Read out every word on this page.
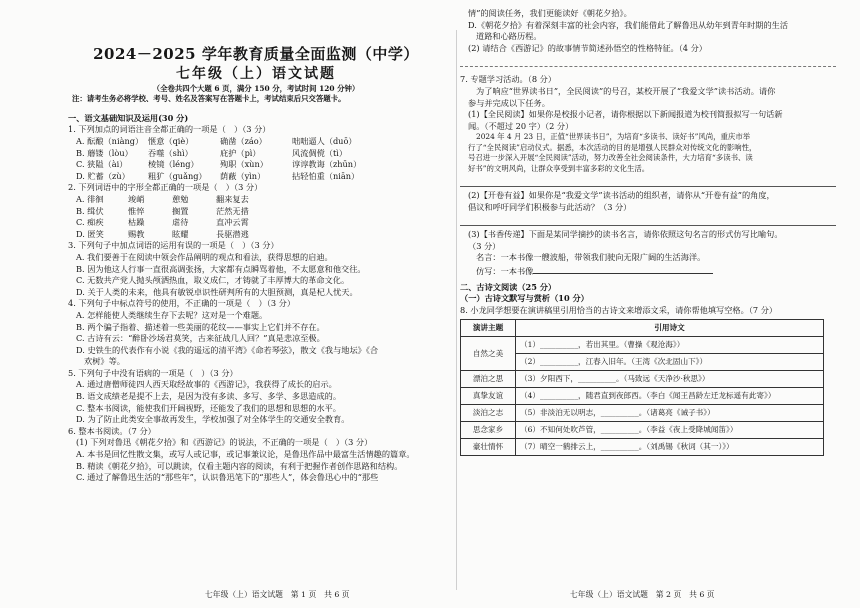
2024－2025 学年教育质量全面监测（中学）
七年级（上）语文试题
（全卷共四个大题 6 页，满分 150 分，考试时间 120 分钟）
注：请考生务必将学校、考号、姓名及答案写在答题卡上，考试结束后只交答题卡。
一、语文基础知识及运用(30 分)
1. 下列加点的词语注音全都正确的一项是（　）（3 分）
A. 酝酿（niàng） 惬意（qiè）	确凿（záo）	咄咄逼人（duō）
B. 蘑镂（lòu）	吞噬（shì）	庇护（pì）	风流倜傥（tì）
C. 狭隘（ài）	棱镜（léng）	殉职（xùn）	谆谆教诲（zhūn）
D. 贮蓄（zù）	粗犷（guǎng）	荫蔽（yìn）	拈轻怕重（niān）
2. 下列词语中的字形全都正确的一项是（　）（3 分）
A. 徘徊	竣峭	憩勉	翻来复去
B. 缉伏	惟悴	搁置	茫然无措
C. 痴疾	枯躁	虐待	直冲云霄
D. 匿笑	赐教	眩耀	長驱潜逃
3. 下列句子中加点词语的运用有误的一项是（　）（3 分）
A. 我们要善于在阅读中领会作品阐明的观点和看法，获得思想的启迪。
B. 因为他这人行事一直很高调张扬，大家都有点瞬骂着他，不太愿意和他交往。
C. 无数共产党人抛头颅洒热血，取义成仁，才铸就了丰厚博大的革命文化。
D. 关于人类的未来，他具有敏锐卓识性研判所有的大胆预测，真是杞人忧天。
4. 下列句子中标点符号的使用，不正确的一项是（　）（3 分）
A. 怎样能使人类继续生存下去呢？这对是一个难题。
B. 两个骗子指着、描述着一些美丽的花纹——事实上它们并不存在。
C. 古诗有云：“醉卧沙场君莫笑，古来征战几人回？”真是悲凉至极。
D. 史铁生的代表作有小说《我的遥远的清平湾》《命若琴弦》，散文《我与地坛》《合
欢树》等。
5. 下列句子中没有语病的一项是（　）（3 分）
A. 通过唐僧师徒四人西天取经故事的《西游记》，我获得了成长的启示。
B. 语文成绩老是提不上去，是因为没有多读、多写、多学、多思造成的。
C. 整本书阅读，能使我们开阔视野，还能发了我们的思想和思想的水平。
D. 为了防止此类安全事故再发生，学校加强了对全体学生的交通安全教育。
6. 整本书阅读。（7 分）
(1) 下列对鲁迅《朝花夕拾》和《西游记》的说法，不正确的一项是（　）（3 分）
A. 本书是回忆性散文集，或写人或记事，或记事兼议论，是鲁迅作品中最富生活情趣的篇章。
B. 精读《朝花夕拾》，可以跳读，仅看主题内容的阅读，有利于把握作者创作思路和结构。
C. 通过了解鲁迅生活的“那些年”，认识鲁迅笔下的“那些人”，体会鲁迅心中的“那些
情”的阅读任务，我们更能读好《朝花夕拾》。
D.《朝花夕拾》有着深刻丰富的社会内容，我们能借此了解鲁迅从幼年到青年时期的生活
道路和心路历程。
(2) 请结合《西游记》的故事情节简述孙悟空的性格特征。（4 分）
7. 专题学习活动。（8 分）
为了响应“世界读书日”，全民阅读”的号召，某校开展了“我爱文学”读书活动。请你
参与并完成以下任务。
(1)【全民阅读】如果你是校报小记者，请你根据以下新闻报道为校刊简报拟写一句话新
闻。（不超过 20 字）（2 分）
2024 年 4 月 23 日，正值“世界读书日”，为培育“多读书、读好书”风尚，重庆市举
行了“全民阅读”启动仪式。据悉，本次活动的目的是增强人民群众对传统文化的影响性，
号召进一步深入开展“全民阅读”活动，努力改善全社会阅读条件，大力培育“多读书、读
好书”的文明风尚，让群众享受到丰富多彩的文化生活。
(2)【开卷有益】如果你是“我爱文学”读书活动的组织者，请你从“开卷有益”的角度，
倡议和呼吁同学们积极参与此活动？（3 分）
(3)【书香传递】下面是某同学摘抄的读书名言，请你依照这句名言的形式仿写比喻句。
（3 分）
名言：一本书像一艘波船，带领我们驶向无限广阔的生活海洋。
仿写：一本书像
二、古诗文阅读（25 分）
（一）古诗文默写与赏析（10 分）
8. 小龙同学想要在演讲稿里引用恰当的古诗文来增添文采，请你帮他填写空格。（7 分）
演讲主题	引用诗文
自然之美	（1）__________，若出其里。（曹操《观沧海》）
	（2）__________，江春入旧年。（王湾《次北固山下》）
漂泊之思	（3）夕阳西下，__________。（马致远《天净沙·秋思》）
真挚友谊	（4）__________，随君直到夜郎西。（李白《闻王昌龄左迁龙标遥有此寄》）
淡泊之志	（5）非淡泊无以明志，__________。（诸葛亮《诫子书》）
思念家乡	（6）不知何处吹芦管，__________。（李益《夜上受降城闻笛》）
豪壮情怀	（7）晴空一鹤排云上，__________。（刘禹锡《秋词（其一）》）
七年级（上）语文试题　第 1 页　共 6 页	七年级（上）语文试题　第 2 页　共 6 页
